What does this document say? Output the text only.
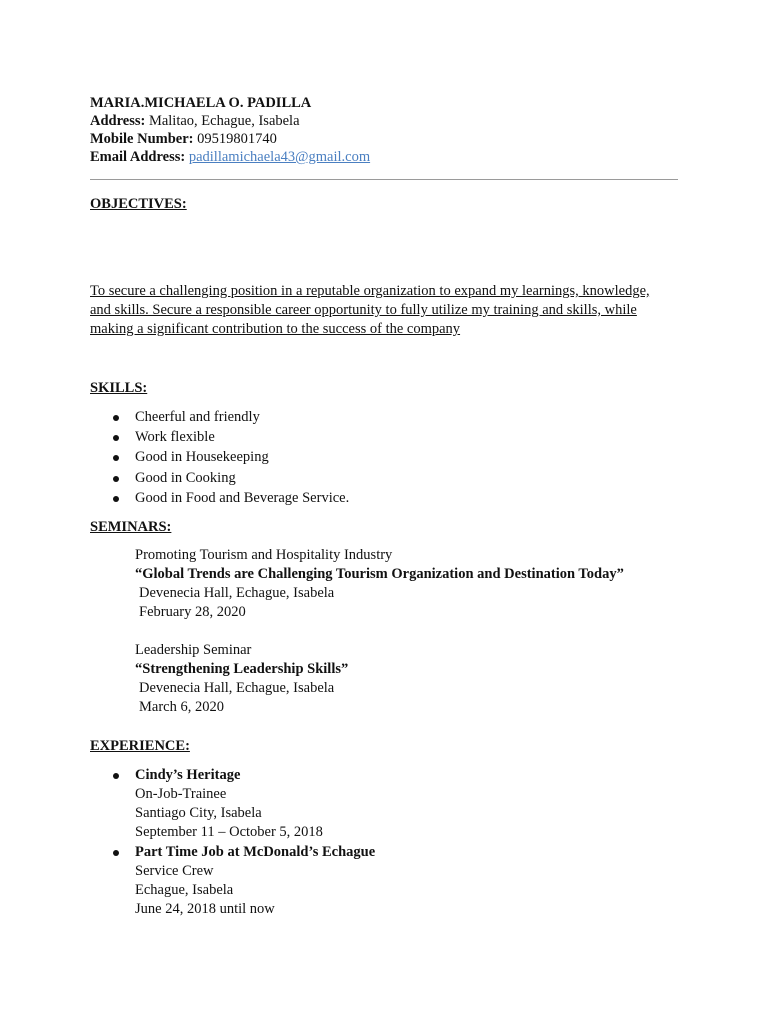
MARIA.MICHAELA O. PADILLA
Address: Malitao, Echague, Isabela
Mobile Number: 09519801740
Email Address: padillamichaela43@gmail.com
OBJECTIVES:
To secure a challenging position in a reputable organization to expand my learnings, knowledge,
and skills. Secure a responsible career opportunity to fully utilize my training and skills, while
making a significant contribution to the success of the company
SKILLS:
Cheerful and friendly
Work flexible
Good in Housekeeping
Good in Cooking
Good in Food and Beverage Service.
SEMINARS:
Promoting Tourism and Hospitality Industry
“Global Trends are Challenging Tourism Organization and Destination Today”
Devenecia Hall, Echague, Isabela
February 28, 2020
Leadership Seminar
“Strengthening Leadership Skills”
Devenecia Hall, Echague, Isabela
March 6, 2020
EXPERIENCE:
Cindy’s Heritage
On-Job-Trainee
Santiago City, Isabela
September 11 – October 5, 2018
Part Time Job at McDonald’s Echague
Service Crew
Echague, Isabela
June 24, 2018 until now
